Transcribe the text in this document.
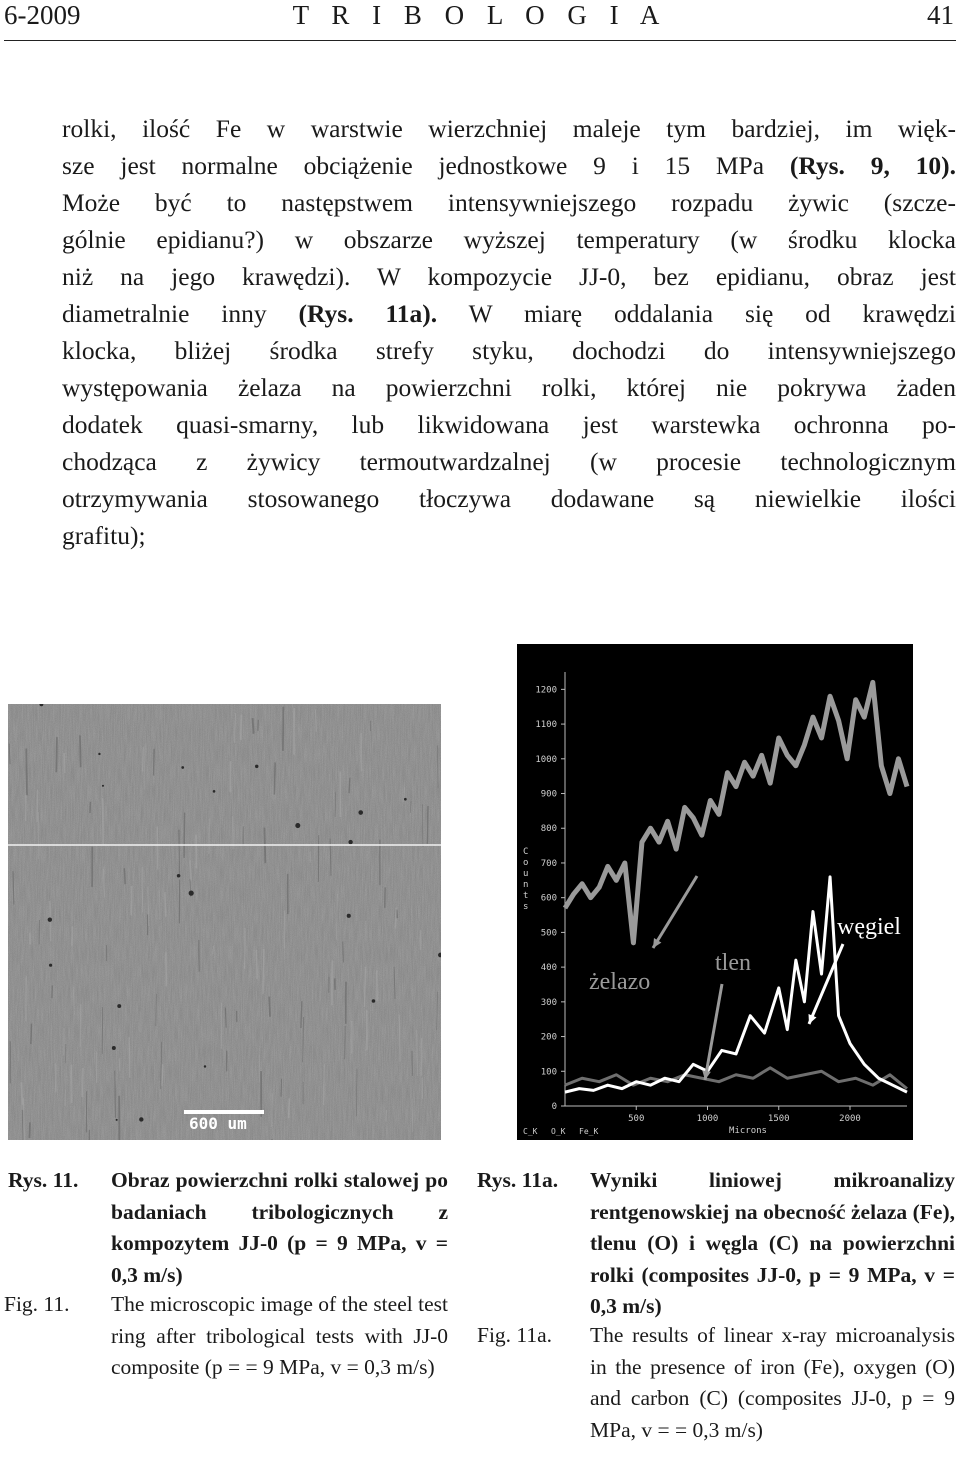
6-2009	T R I B O L O G I A	41
rolki, ilość Fe w warstwie wierzchniej maleje tym bardziej, im więk-
sze jest normalne obciążenie jednostkowe 9 i 15 MPa (Rys. 9, 10).
Może być to następstwem intensywniejszego rozpadu żywic (szcze-
gólnie epidianu?) w obszarze wyższej temperatury (w środku klocka
niż na jego krawędzi). W kompozycie JJ-0, bez epidianu, obraz jest
diametralnie inny (Rys. 11a). W miarę oddalania się od krawędzi
klocka, bliżej środka strefy styku, dochodzi do intensywniejszego
występowania żelaza na powierzchni rolki, której nie pokrywa żaden
dodatek quasi-smarny, lub likwidowana jest warstewka ochronna po-
chodząca z żywicy termoutwardzalnej (w procesie technologicznym
otrzymywania stosowanego tłoczywa dodawane są niewielkie ilości
grafitu);
600 um
0
100
200
300
400
500
600
700
800
900
1000
1100
1200
500	1000	1500	2000
Microns
C o u n t s
C_K O_K Fe_K
żelazo
tlen
węgiel
Rys. 11. Obraz powierzchni rolki stalowej po badaniach tribologicznych z kompozytem JJ-0 (p = 9 MPa, v = 0,3 m/s)
Fig. 11. The microscopic image of the steel test ring after tribological tests with JJ-0 composite (p = = 9 MPa, v = 0,3 m/s)
Rys. 11a. Wyniki liniowej mikroanalizy rentgenowskiej na obecność żelaza (Fe), tlenu (O) i węgla (C) na powierzchni rolki (composites JJ-0, p = 9 MPa, v = 0,3 m/s)
Fig. 11a. The results of linear x-ray microanalysis in the presence of iron (Fe), oxygen (O) and carbon (C) (composites JJ-0, p = 9 MPa, v = = 0,3 m/s)
